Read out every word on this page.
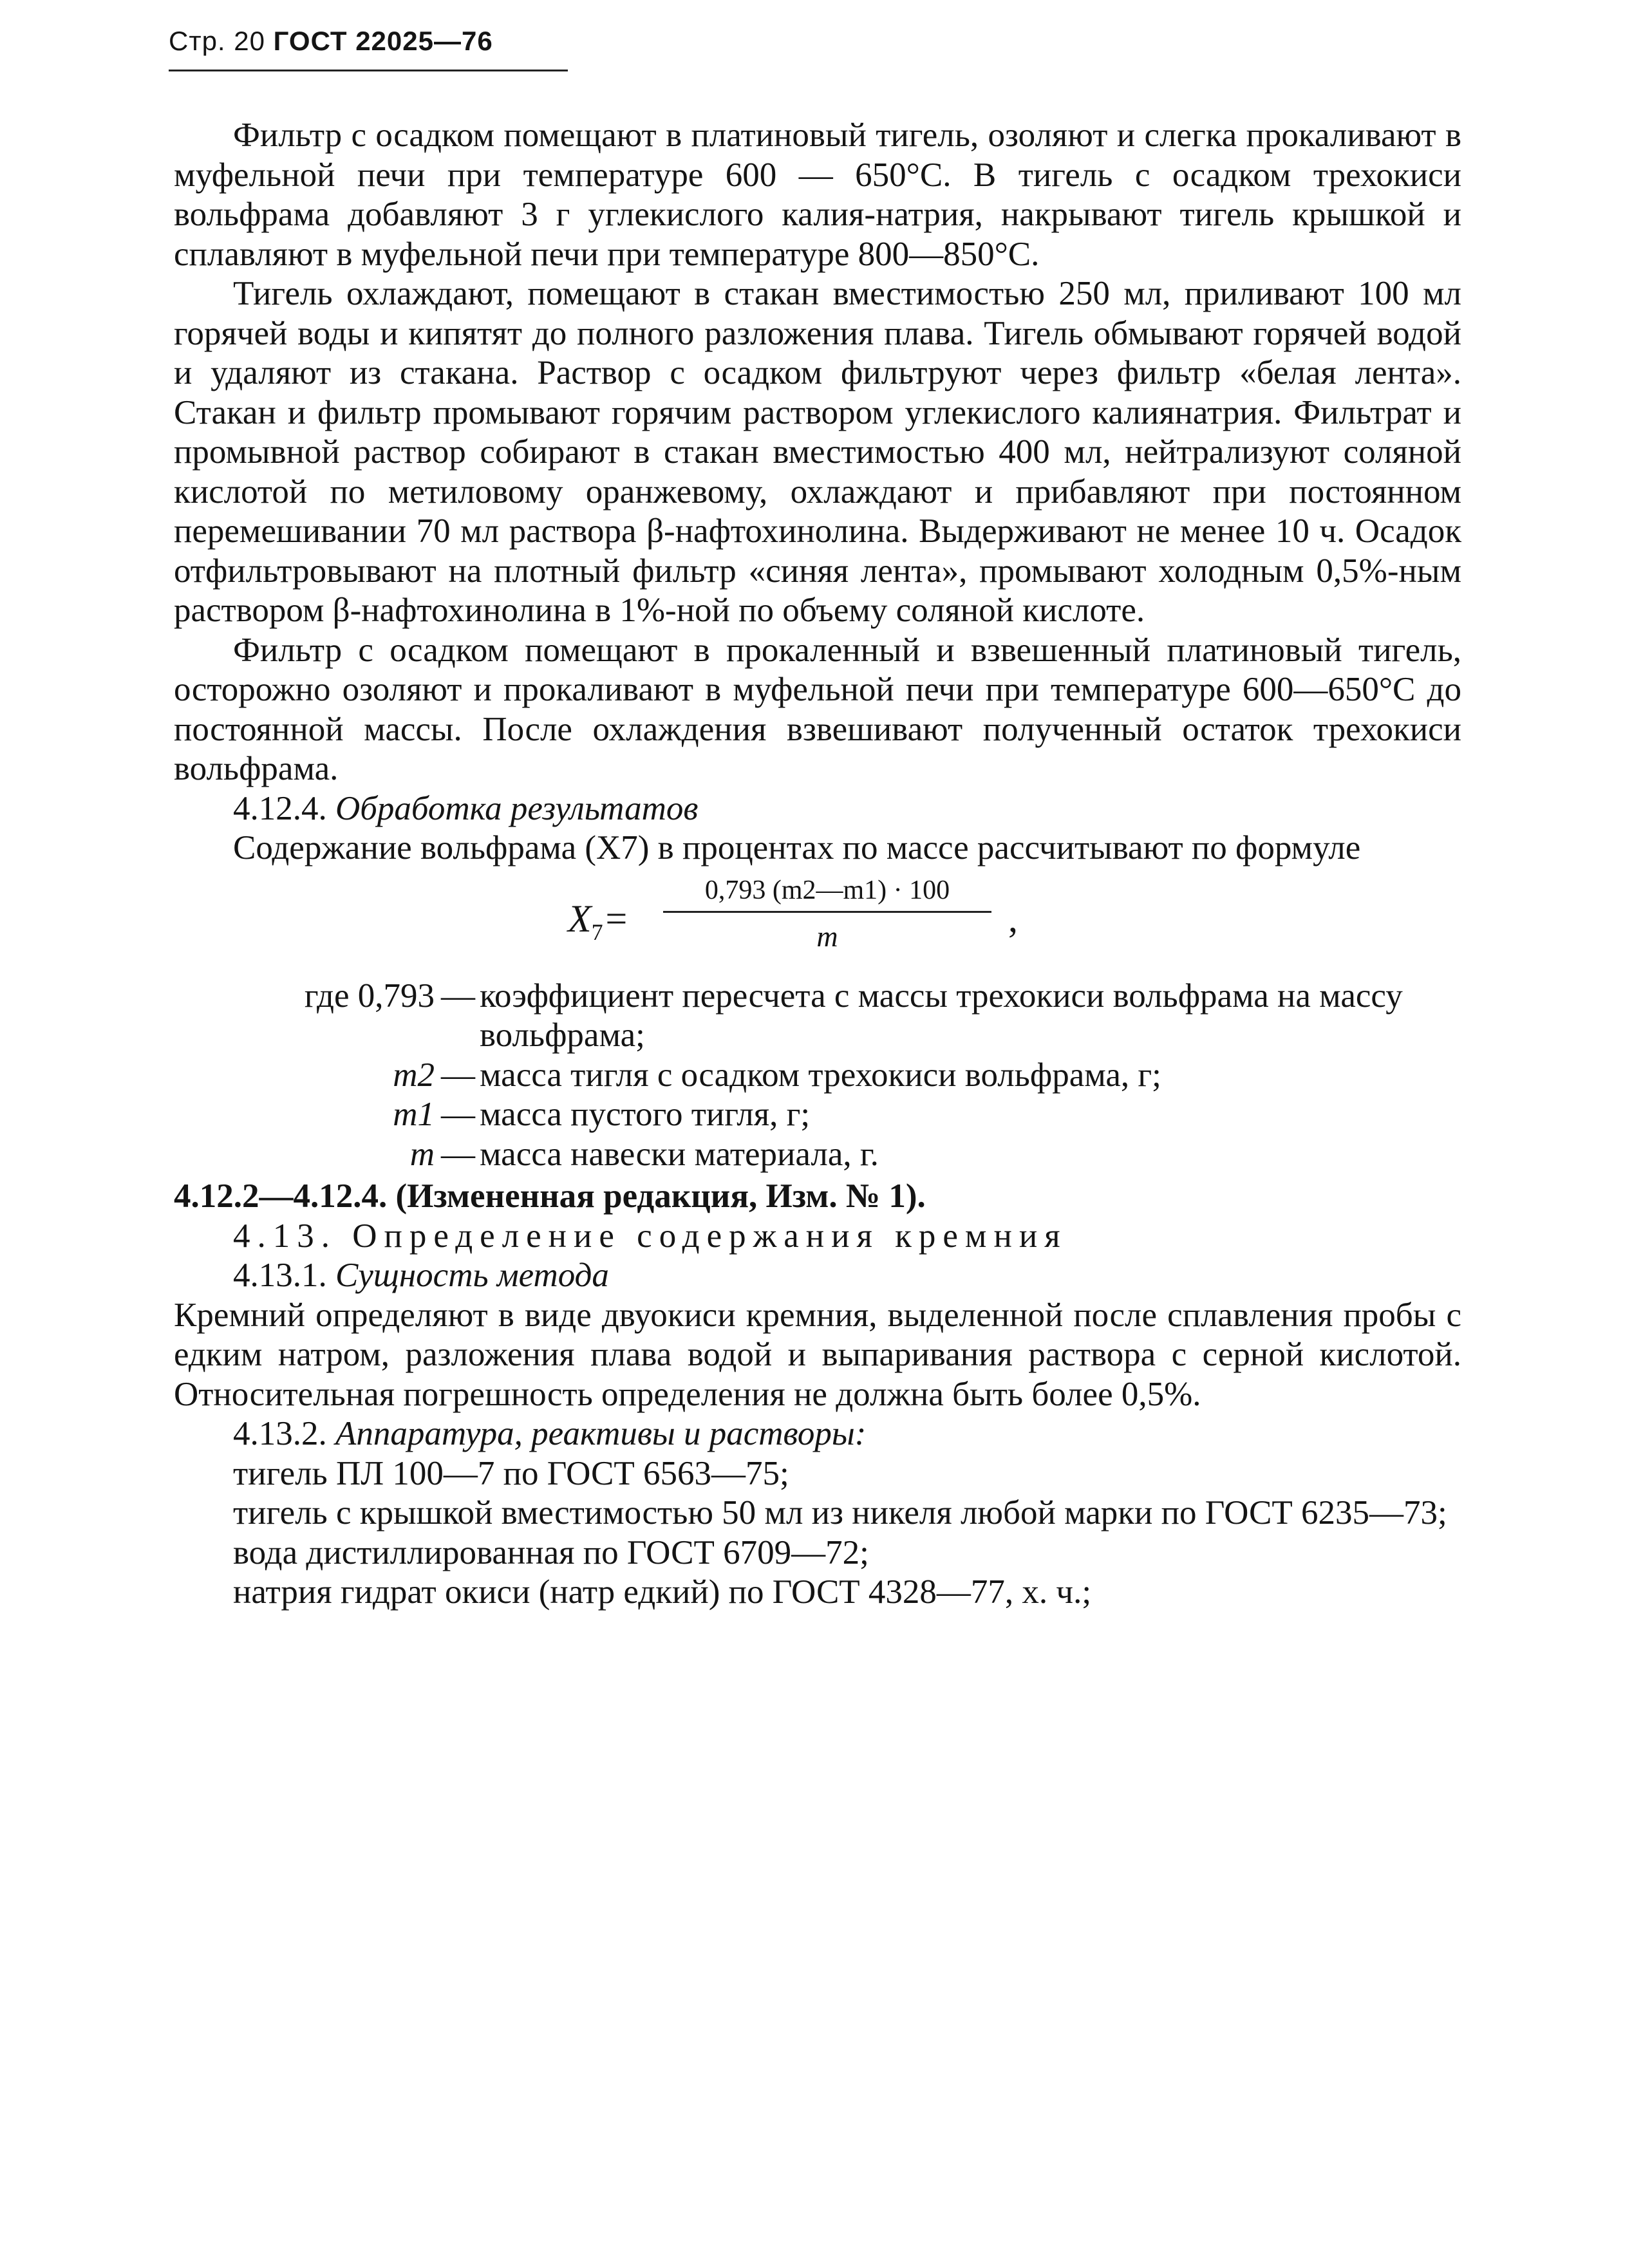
Стр. 20 ГОСТ 22025—76

Фильтр с осадком помещают в платиновый тигель, озоляют и слегка прокаливают в муфельной печи при температуре 600 — 650°C. В тигель с осадком трехокиси вольфрама добавляют 3 г углекислого калия-натрия, накрывают тигель крышкой и сплавляют в муфельной печи при температуре 800—850°C.

Тигель охлаждают, помещают в стакан вместимостью 250 мл, приливают 100 мл горячей воды и кипятят до полного разложения плава. Тигель обмывают горячей водой и удаляют из стакана. Раствор с осадком фильтруют через фильтр «белая лента». Стакан и фильтр промывают горячим раствором углекислого калиянатрия. Фильтрат и промывной раствор собирают в стакан вместимостью 400 мл, нейтрализуют соляной кислотой по метиловому оранжевому, охлаждают и прибавляют при постоянном перемешивании 70 мл раствора β-нафтохинолина. Выдерживают не менее 10 ч. Осадок отфильтровывают на плотный фильтр «синяя лента», промывают холодным 0,5%-ным раствором β-нафтохинолина в 1%-ной по объему соляной кислоте.

Фильтр с осадком помещают в прокаленный и взвешенный платиновый тигель, осторожно озоляют и прокаливают в муфельной печи при температуре 600—650°C до постоянной массы. После охлаждения взвешивают полученный остаток трехокиси вольфрама.

4.12.4. Обработка результатов

Содержание вольфрама (X7) в процентах по массе рассчитывают по формуле

$X_7=$
0,793 (m2—m1) · 100
m	,
где 0,793 — коэффициент пересчета с массы трехокиси вольфрама на массу вольфрама;
m2 — масса тигля с осадком трехокиси вольфрама, г;
m1 — масса пустого тигля, г;
m — масса навески материала, г.

4.12.2—4.12.4. (Измененная редакция, Изм. № 1).

4.13. Определение содержания кремния

4.13.1. Сущность метода

Кремний определяют в виде двуокиси кремния, выделенной после сплавления пробы с едким натром, разложения плава водой и выпаривания раствора с серной кислотой. Относительная погрешность определения не должна быть более 0,5%.

4.13.2. Аппаратура, реактивы и растворы:

тигель ПЛ 100—7 по ГОСТ 6563—75;

тигель с крышкой вместимостью 50 мл из никеля любой марки по ГОСТ 6235—73;

вода дистиллированная по ГОСТ 6709—72;

натрия гидрат окиси (натр едкий) по ГОСТ 4328—77, х. ч.;
